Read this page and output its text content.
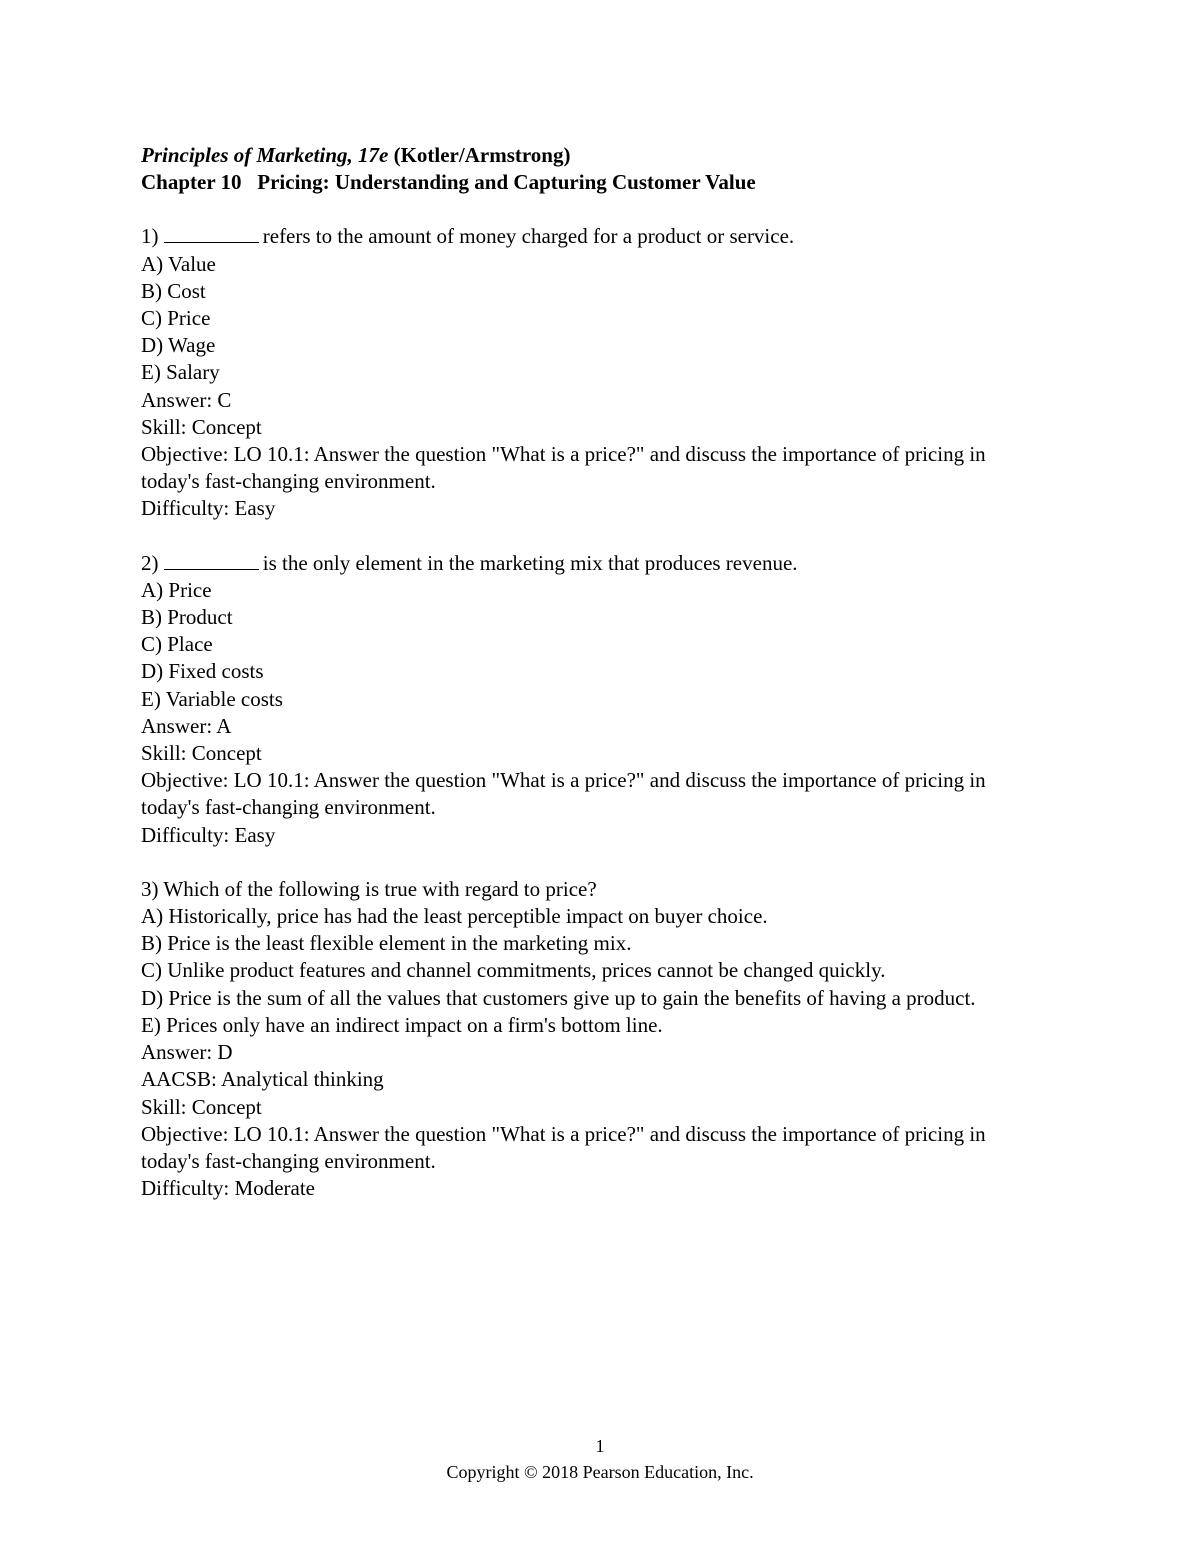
Principles of Marketing, 17e (Kotler/Armstrong)
Chapter 10 Pricing: Understanding and Capturing Customer Value
1)	refers to the amount of money charged for a product or service.
A) Value
B) Cost
C) Price
D) Wage
E) Salary
Answer: C
Skill: Concept
Objective: LO 10.1: Answer the question "What is a price?" and discuss the importance of pricing in today's fast-changing environment.
Difficulty: Easy
2)	is the only element in the marketing mix that produces revenue.
A) Price
B) Product
C) Place
D) Fixed costs
E) Variable costs
Answer: A
Skill: Concept
Objective: LO 10.1: Answer the question "What is a price?" and discuss the importance of pricing in today's fast-changing environment.
Difficulty: Easy
3) Which of the following is true with regard to price?
A) Historically, price has had the least perceptible impact on buyer choice.
B) Price is the least flexible element in the marketing mix.
C) Unlike product features and channel commitments, prices cannot be changed quickly.
D) Price is the sum of all the values that customers give up to gain the benefits of having a product.
E) Prices only have an indirect impact on a firm's bottom line.
Answer: D
AACSB: Analytical thinking
Skill: Concept
Objective: LO 10.1: Answer the question "What is a price?" and discuss the importance of pricing in today's fast-changing environment.
Difficulty: Moderate
1
Copyright © 2018 Pearson Education, Inc.
